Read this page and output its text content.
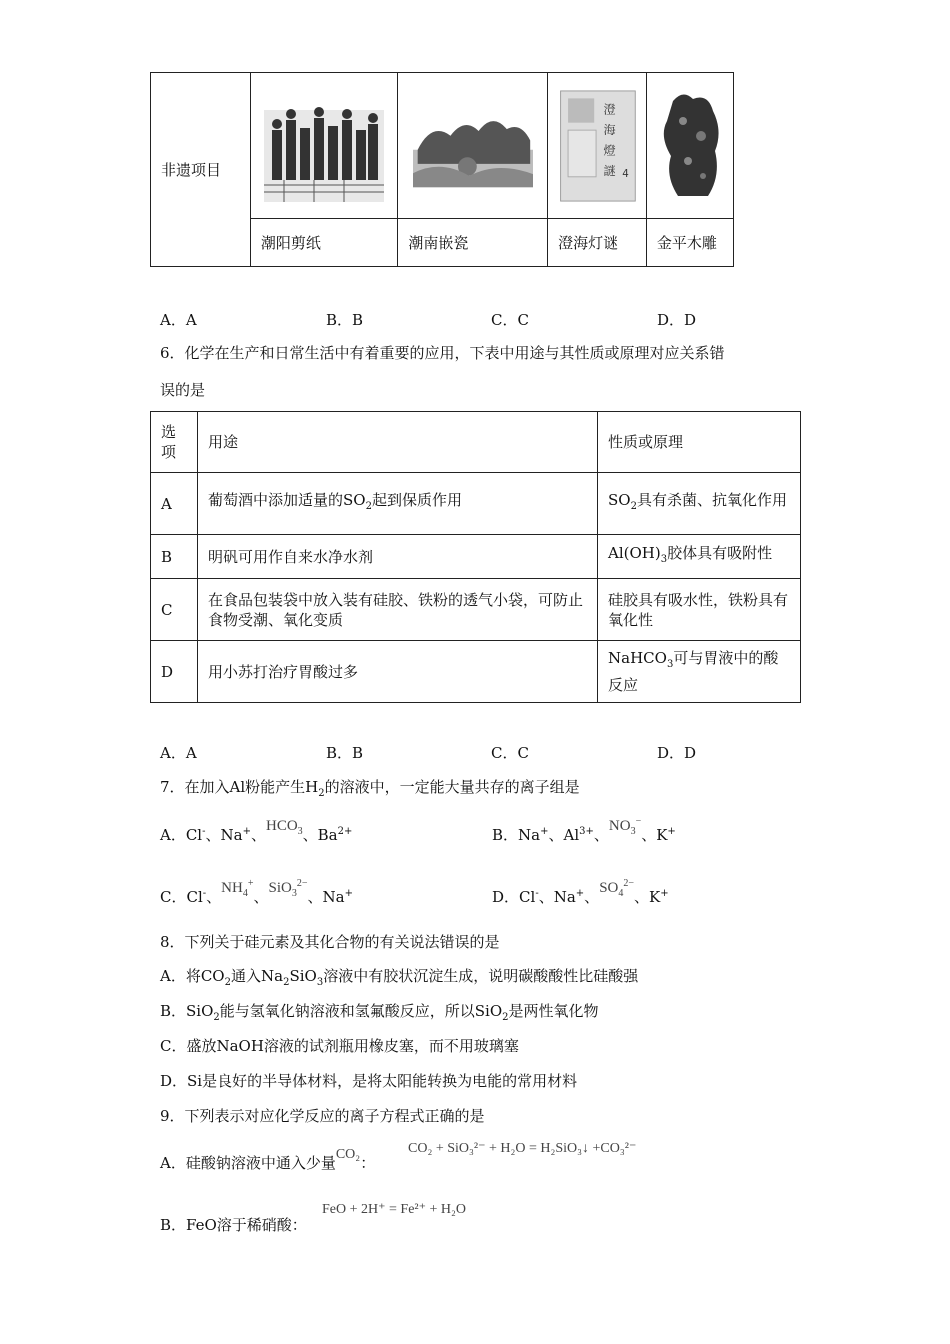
非遗项目			澄
海
燈
謎 4

	潮阳剪纸	潮南嵌瓷	澄海灯谜	金平木雕
A．A	B．B	C．C	D．D
6．化学在生产和日常生活中有着重要的应用，下表中用途与其性质或原理对应关系错
误的是
选项	用途	性质或原理
A	葡萄酒中添加适量的$SO_2$起到保质作用	$SO_2$具有杀菌、抗氧化作用
B	明矾可用作自来水净水剂	$Al(OH)_3$胶体具有吸附性
C	在食品包装袋中放入装有硅胶、铁粉的透气小袋，可防止食物受潮、氧化变质	硅胶具有吸水性，铁粉具有氧化性
D	用小苏打治疗胃酸过多	NaHCO$_3$可与胃液中的酸反应
A．A	B．B	C．C	D．D
7．在加入Al粉能产生$H_2$的溶液中，一定能大量共存的离子组是
A．Cl-、Na+、$HCO_3$、$Ba^{2+}$	B．Na+、$Al^{3+}$、$NO_3^-$、K+
C．Cl-、$NH_4^+$、SiO$_3^{2-}$、Na+	D．Cl-、Na+、$SO_4^{2-}$、K+
8．下列关于硅元素及其化合物的有关说法错误的是
A．将$CO_2$通入$Na_2SiO_3$溶液中有胶状沉淀生成，说明碳酸酸性比硅酸强
B．SiO$_2$能与氢氧化钠溶液和氢氟酸反应，所以SiO$_2$是两性氧化物
C．盛放NaOH溶液的试剂瓶用橡皮塞，而不用玻璃塞
D．Si是良好的半导体材料，是将太阳能转换为电能的常用材料
9．下列表示对应化学反应的离子方程式正确的是
A．硅酸钠溶液中通入少量CO₂：
CO₂ + SiO₃²⁻ + H₂O = H₂SiO₃↓ +CO₃²⁻
B．FeO溶于稀硝酸：
FeO + 2H⁺ = Fe²⁺ + H₂O
